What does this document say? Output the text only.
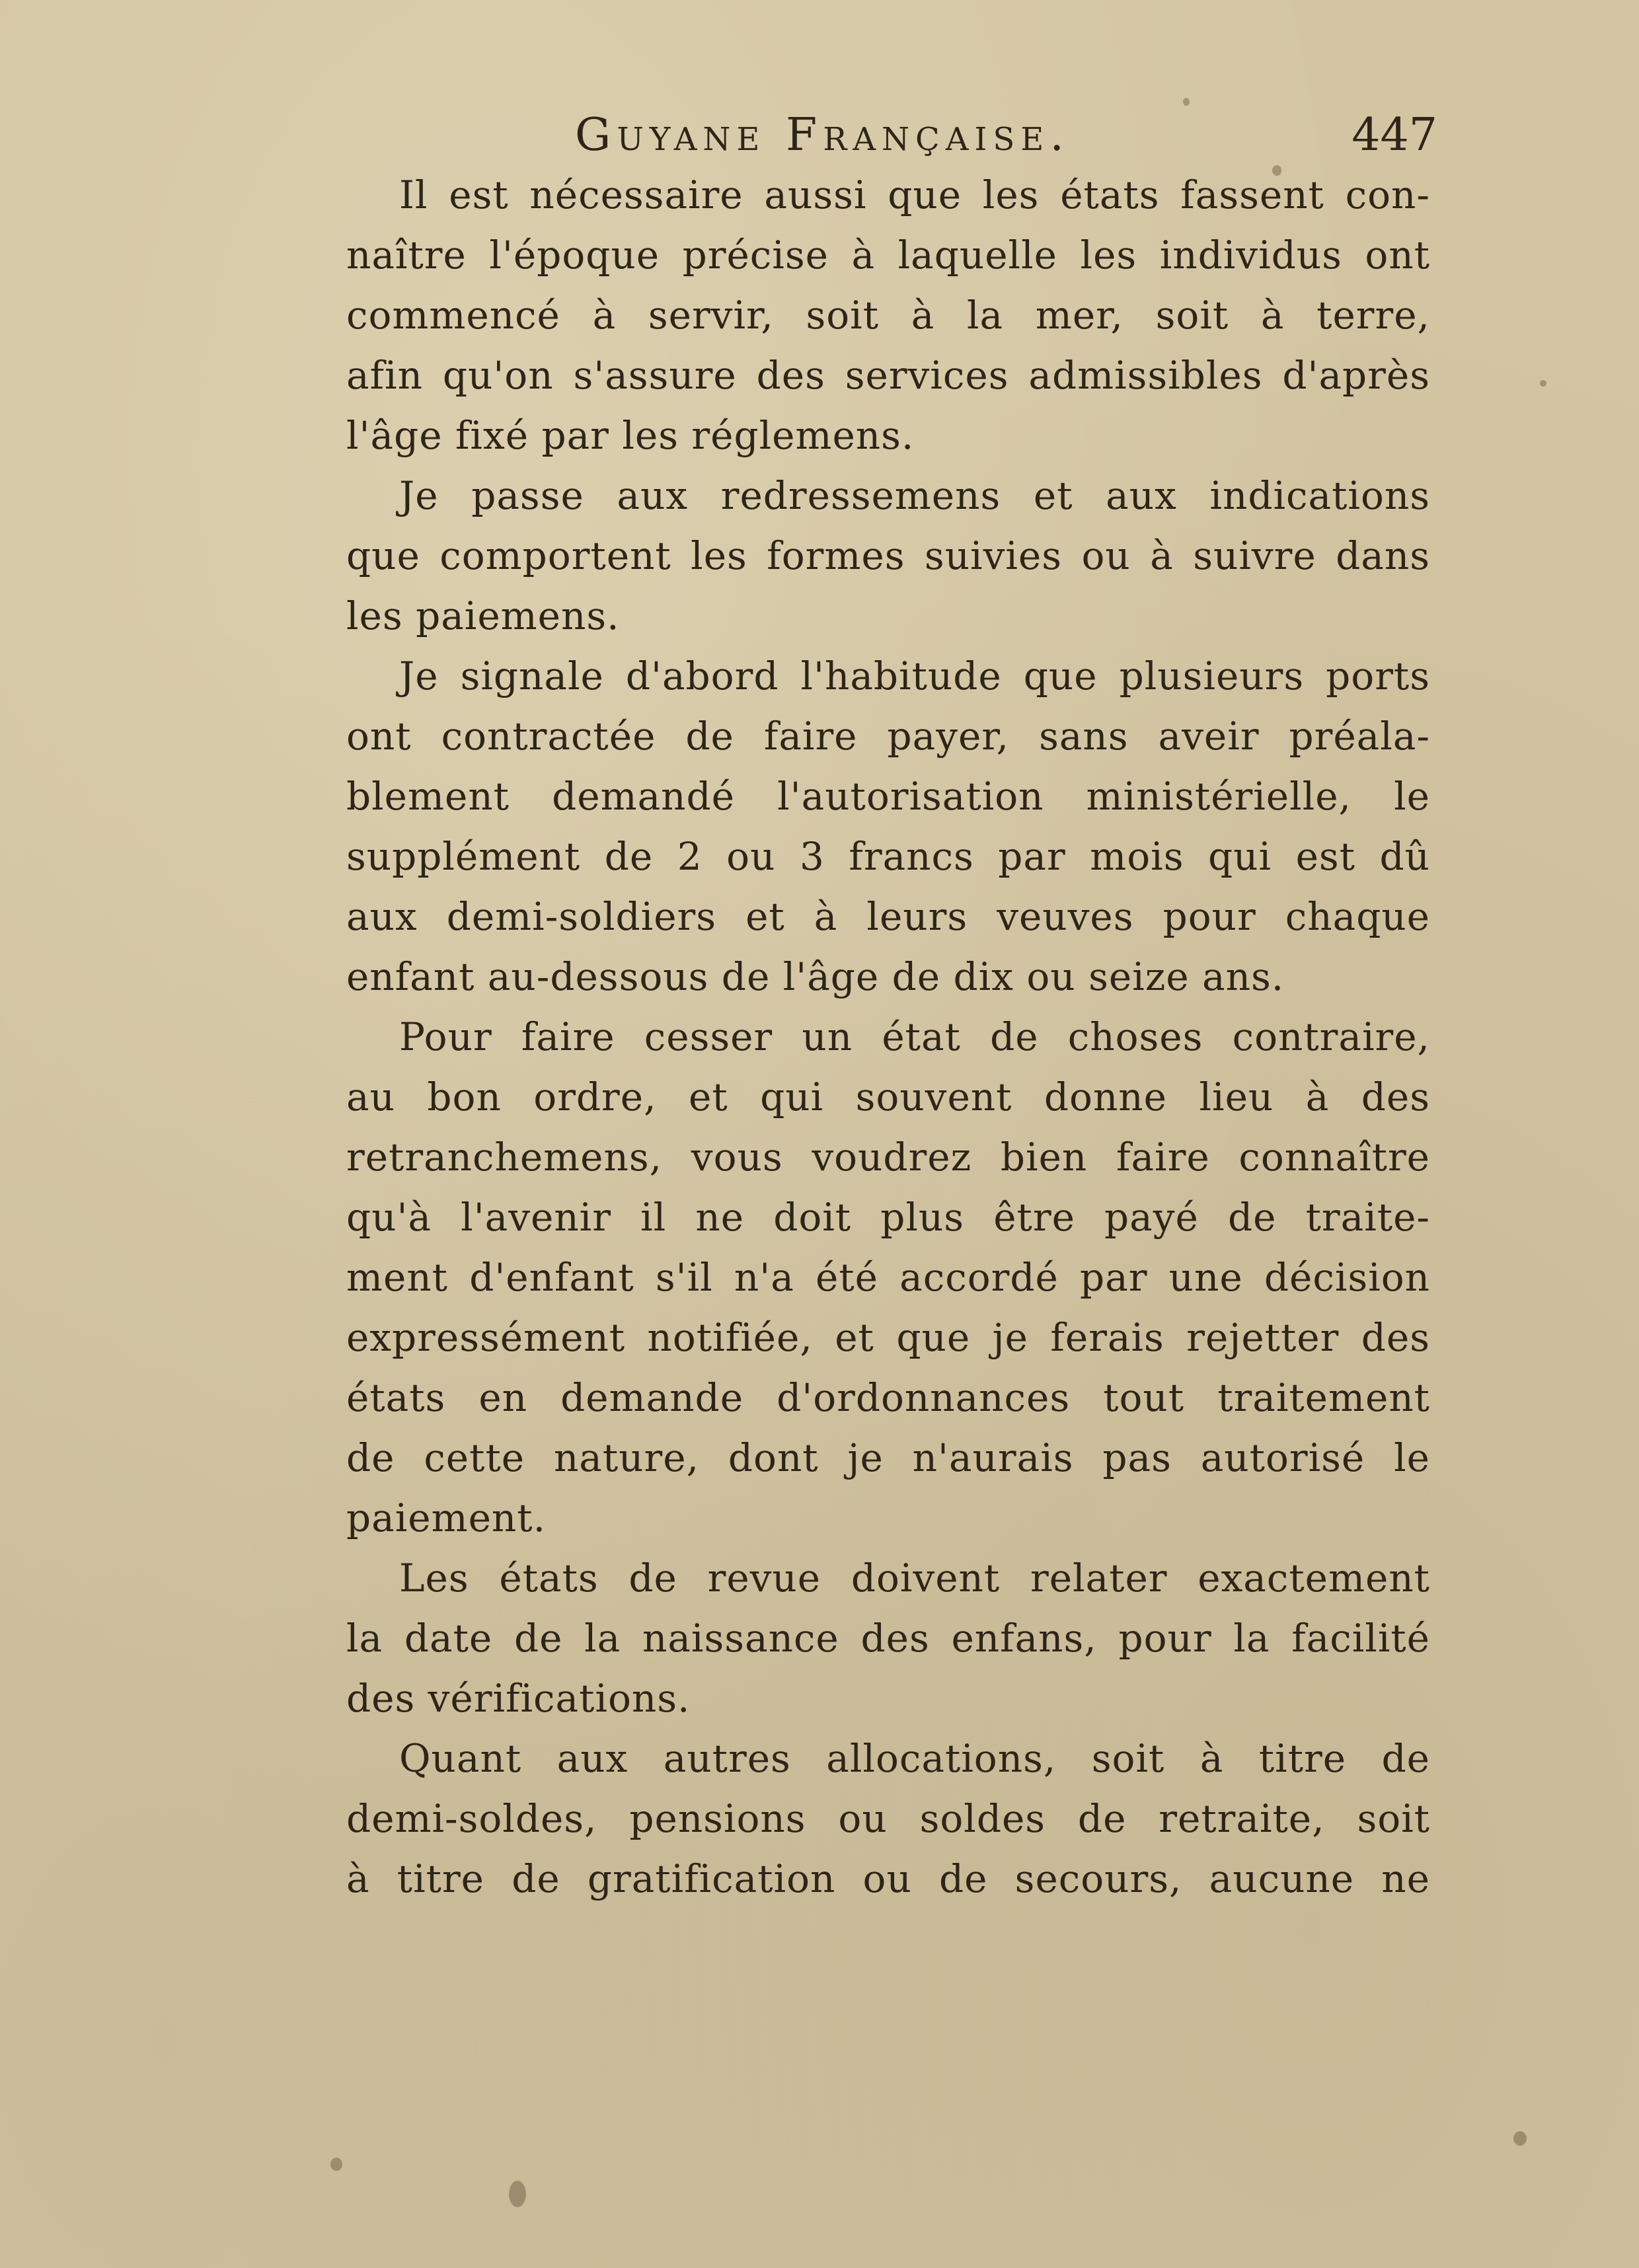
Guyane Française.	447

Il est nécessaire aussi que les états fassent con-
naître l'époque précise à laquelle les individus ont
commencé à servir, soit à la mer, soit à terre,
afin qu'on s'assure des services admissibles d'après
l'âge fixé par les réglemens.

Je passe aux redressemens et aux indications
que comportent les formes suivies ou à suivre dans
les paiemens.

Je signale d'abord l'habitude que plusieurs ports
ont contractée de faire payer, sans aveir préala-
blement demandé l'autorisation ministérielle, le
supplément de 2 ou 3 francs par mois qui est dû
aux demi-soldiers et à leurs veuves pour chaque
enfant au-dessous de l'âge de dix ou seize ans.

Pour faire cesser un état de choses contraire,
au bon ordre, et qui souvent donne lieu à des
retranchemens, vous voudrez bien faire connaître
qu'à l'avenir il ne doit plus être payé de traite-
ment d'enfant s'il n'a été accordé par une décision
expressément notifiée, et que je ferais rejetter des
états en demande d'ordonnances tout traitement
de cette nature, dont je n'aurais pas autorisé le
paiement.

Les états de revue doivent relater exactement
la date de la naissance des enfans, pour la facilité
des vérifications.

Quant aux autres allocations, soit à titre de
demi-soldes, pensions ou soldes de retraite, soit
à titre de gratification ou de secours, aucune ne
